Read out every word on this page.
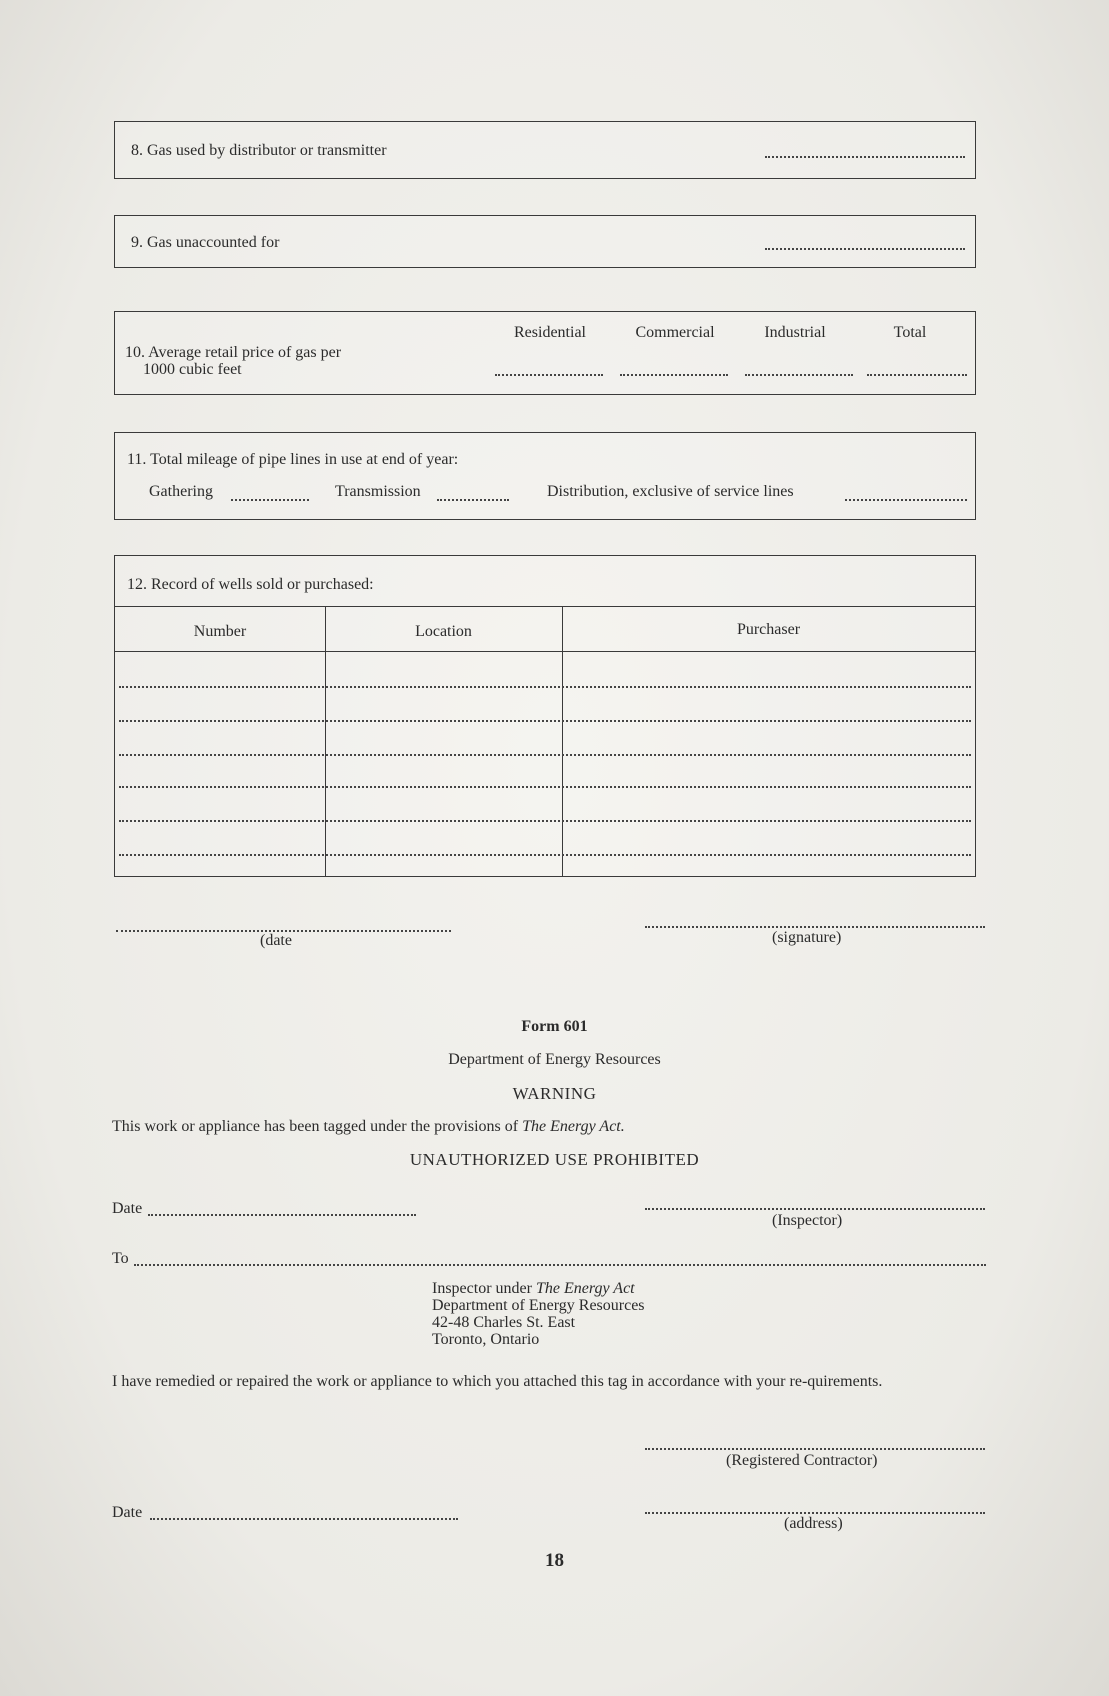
8. Gas used by distributor or transmitter
9. Gas unaccounted for
Residential	Commercial	Industrial	Total
10. Average retail price of gas per
1000 cubic feet
11. Total mileage of pipe lines in use at end of year:
Gathering	Transmission	Distribution, exclusive of service lines
12. Record of wells sold or purchased:
Number	Location	Purchaser
(date	(signature)
Form 601
Department of Energy Resources
WARNING
This work or appliance has been tagged under the provisions of The Energy Act.
UNAUTHORIZED USE PROHIBITED
Date
(Inspector)
To
Inspector under The Energy Act
Department of Energy Resources
42-48 Charles St. East
Toronto, Ontario
I have remedied or repaired the work or appliance to which you attached this tag in accordance with your re-quirements.
(Registered Contractor)
Date
(address)
18
